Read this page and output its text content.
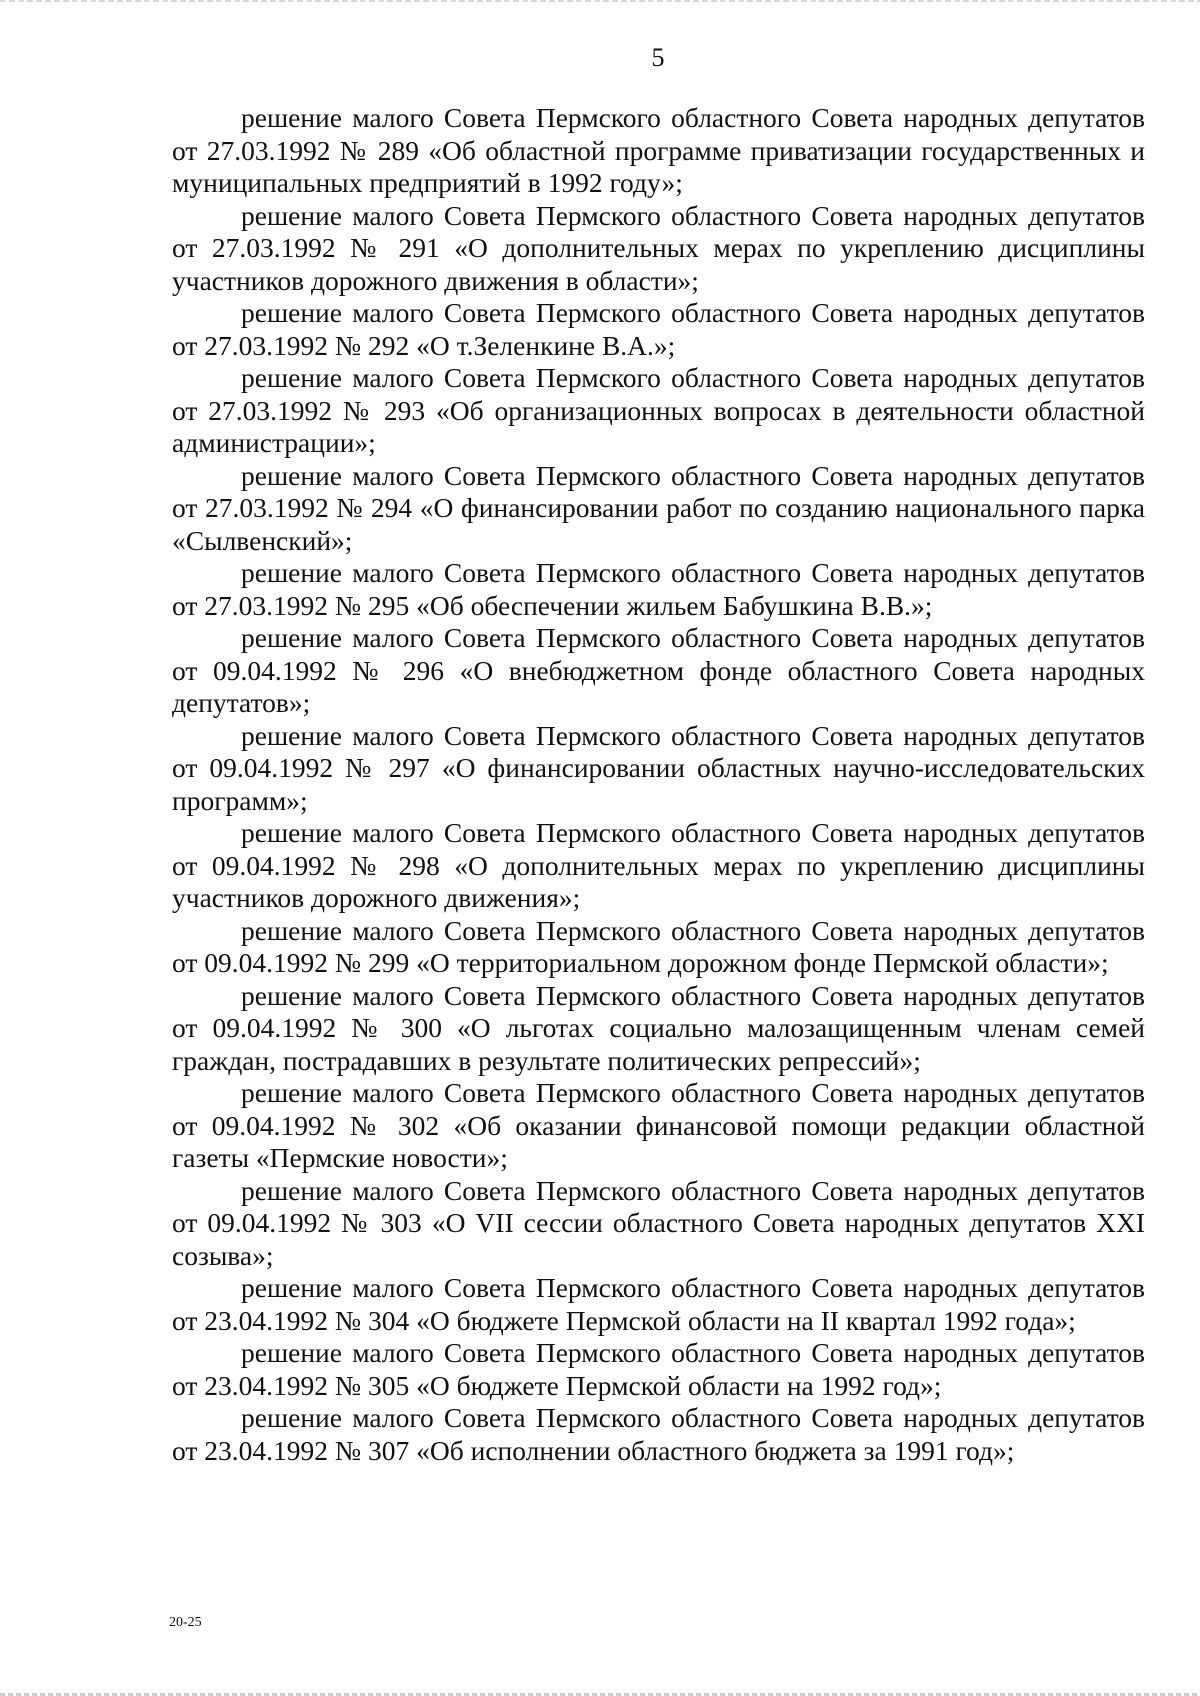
5

решение малого Совета Пермского областного Совета народных депутатов от 27.03.1992 № 289 «Об областной программе приватизации государственных и муниципальных предприятий в 1992 году»;

решение малого Совета Пермского областного Совета народных депутатов от 27.03.1992 № 291 «О дополнительных мерах по укреплению дисциплины участников дорожного движения в области»;

решение малого Совета Пермского областного Совета народных депутатов от 27.03.1992 № 292 «О т.Зеленкине В.А.»;

решение малого Совета Пермского областного Совета народных депутатов от 27.03.1992 № 293 «Об организационных вопросах в деятельности областной администрации»;

решение малого Совета Пермского областного Совета народных депутатов от 27.03.1992 № 294 «О финансировании работ по созданию национального парка «Сылвенский»;

решение малого Совета Пермского областного Совета народных депутатов от 27.03.1992 № 295 «Об обеспечении жильем Бабушкина В.В.»;

решение малого Совета Пермского областного Совета народных депутатов от 09.04.1992 № 296 «О внебюджетном фонде областного Совета народных депутатов»;

решение малого Совета Пермского областного Совета народных депутатов от 09.04.1992 № 297 «О финансировании областных научно-исследовательских программ»;

решение малого Совета Пермского областного Совета народных депутатов от 09.04.1992 № 298 «О дополнительных мерах по укреплению дисциплины участников дорожного движения»;

решение малого Совета Пермского областного Совета народных депутатов от 09.04.1992 № 299 «О территориальном дорожном фонде Пермской области»;

решение малого Совета Пермского областного Совета народных депутатов от 09.04.1992 № 300 «О льготах социально малозащищенным членам семей граждан, пострадавших в результате политических репрессий»;

решение малого Совета Пермского областного Совета народных депутатов от 09.04.1992 № 302 «Об оказании финансовой помощи редакции областной газеты «Пермские новости»;

решение малого Совета Пермского областного Совета народных депутатов от 09.04.1992 № 303 «О VII сессии областного Совета народных депутатов XXI созыва»;

решение малого Совета Пермского областного Совета народных депутатов от 23.04.1992 № 304 «О бюджете Пермской области на II квартал 1992 года»;

решение малого Совета Пермского областного Совета народных депутатов от 23.04.1992 № 305 «О бюджете Пермской области на 1992 год»;

решение малого Совета Пермского областного Совета народных депутатов от 23.04.1992 № 307 «Об исполнении областного бюджета за 1991 год»;

20-25
